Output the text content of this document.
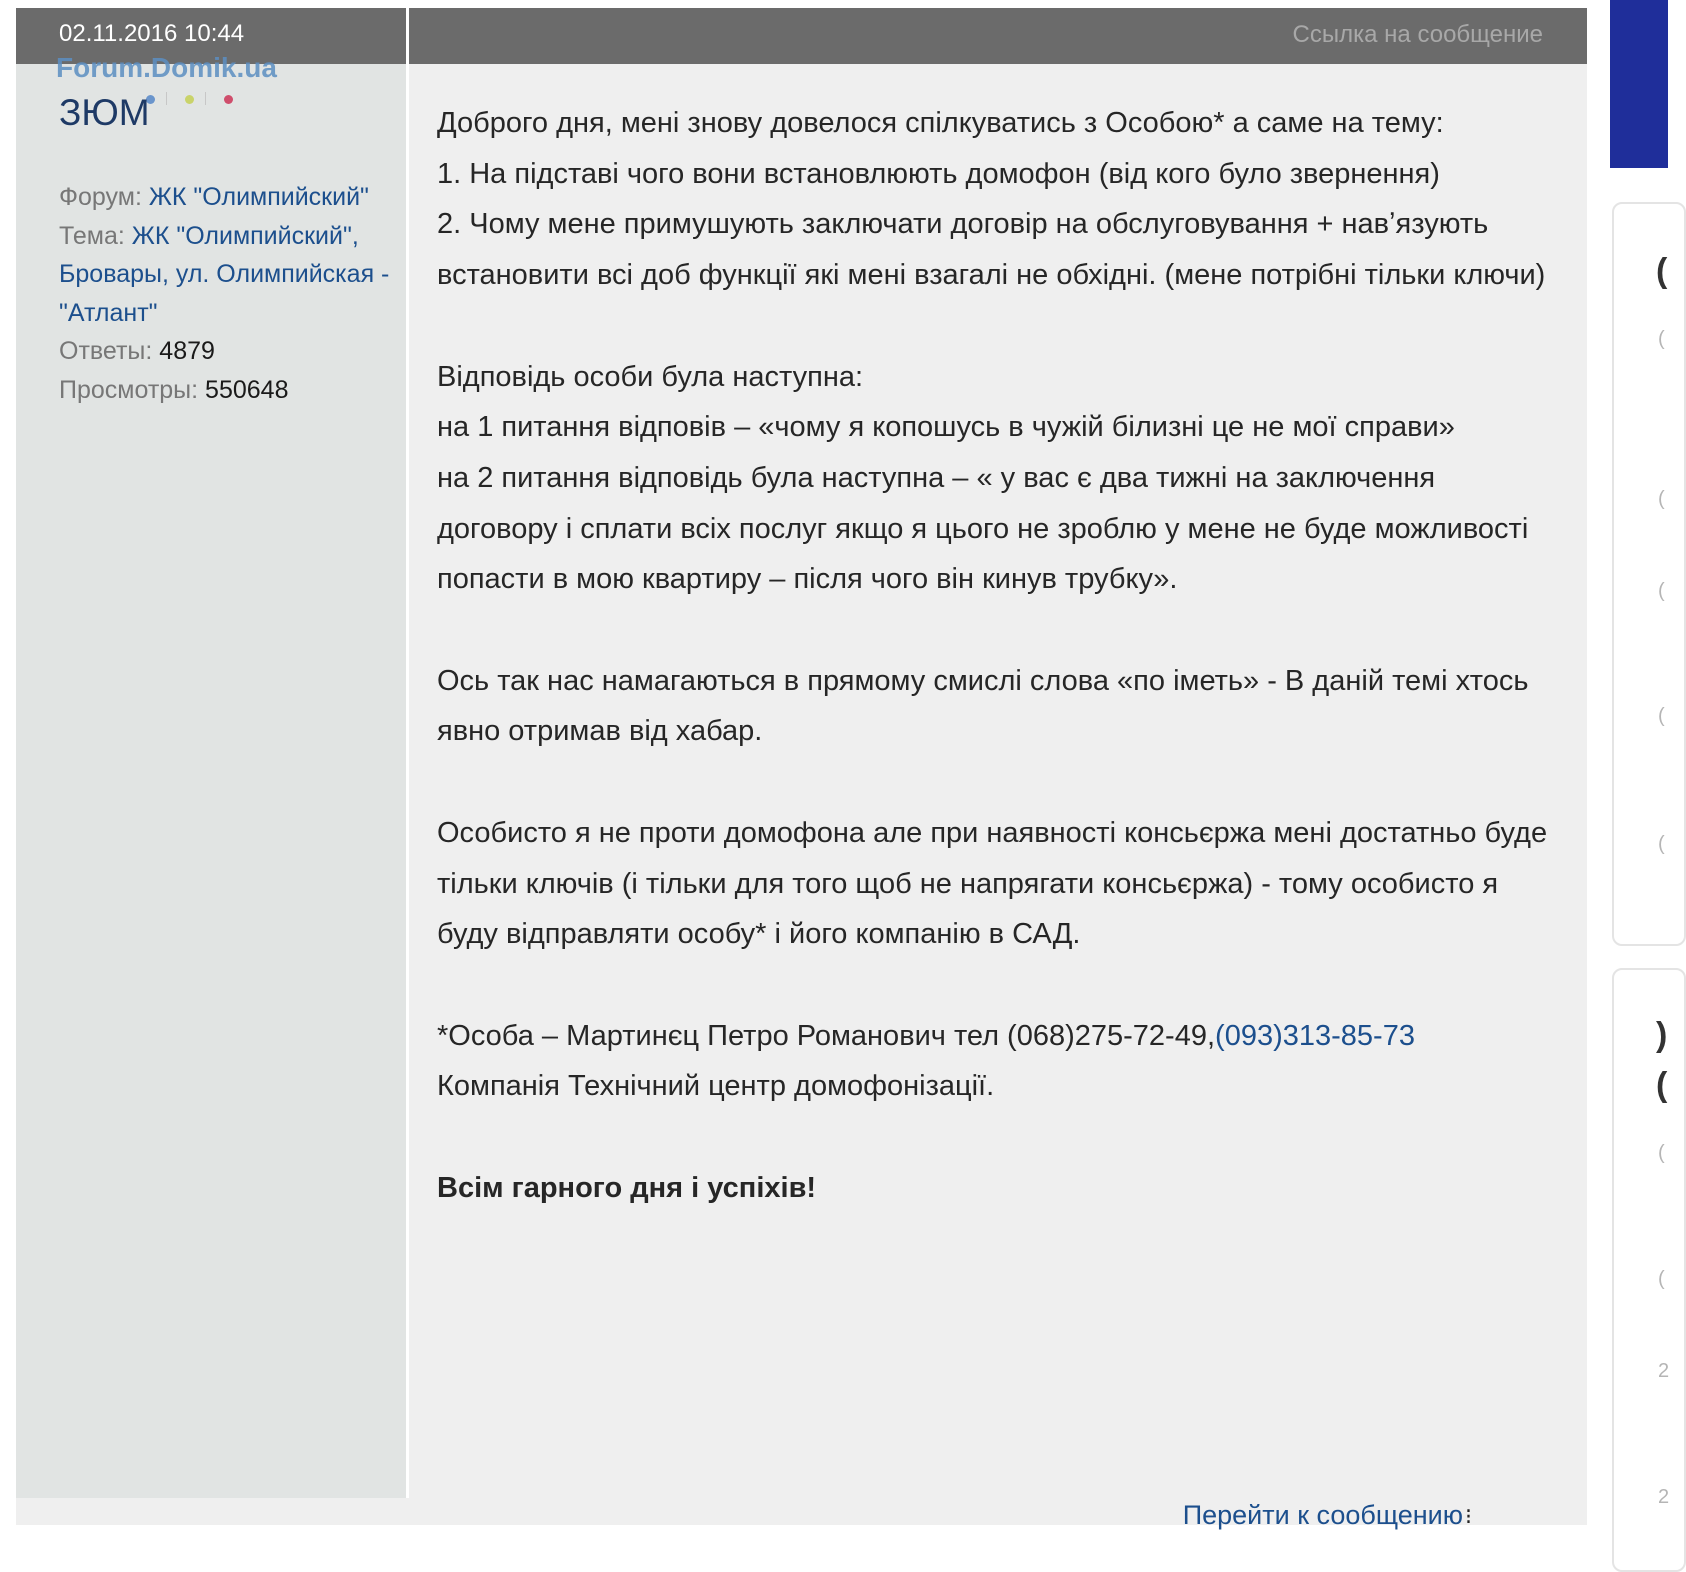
02.11.2016 10:44	Ссылка на сообщение
Forum.Domik.ua
ЗЮМ
Форум: ЖК "Олимпийский"
Тема: ЖК "Олимпийский", Бровары, ул. Олимпийская - "Атлант"
Ответы: 4879
Просмотры: 550648
Перейти к сообщению⁝

Доброго дня, мені знову довелося спілкуватись з Особою* а саме на тему:

1. На підставі чого вони встановлюють домофон (від кого було звернення)

2. Чому мене примушують заключати договір на обслуговування + навʼязують встановити всі доб функції які мені взагалі не обхідні. (мене потрібні тільки ключи)

Відповідь особи була наступна:

на 1 питання відповів – «чому я копошусь в чужій білизні це не мої справи»

на 2 питання відповідь була наступна – « у вас є два тижні на заключення договору і сплати всіх послуг якщо я цього не зроблю у мене не буде можливості попасти в мою квартиру – після чого він кинув трубку».

Ось так нас намагаються в прямому смислі слова «по іметь» - В даній темі хтось явно отримав від хабар.

Особисто я не проти домофона але при наявності консьєржа мені достатньо буде тільки ключів (і тільки для того щоб не напрягати консьєржа) - тому особисто я буду відправляти особу* і його компанію в САД.

*Особа – Мартинєц Петро Романович тел (068)275-72-49,(093)313-85-73

Компанія Технічний центр домофонізації.

Всім гарного дня і успіхів!

(
(
(
(
(
(
)
(
(
(
2
2
